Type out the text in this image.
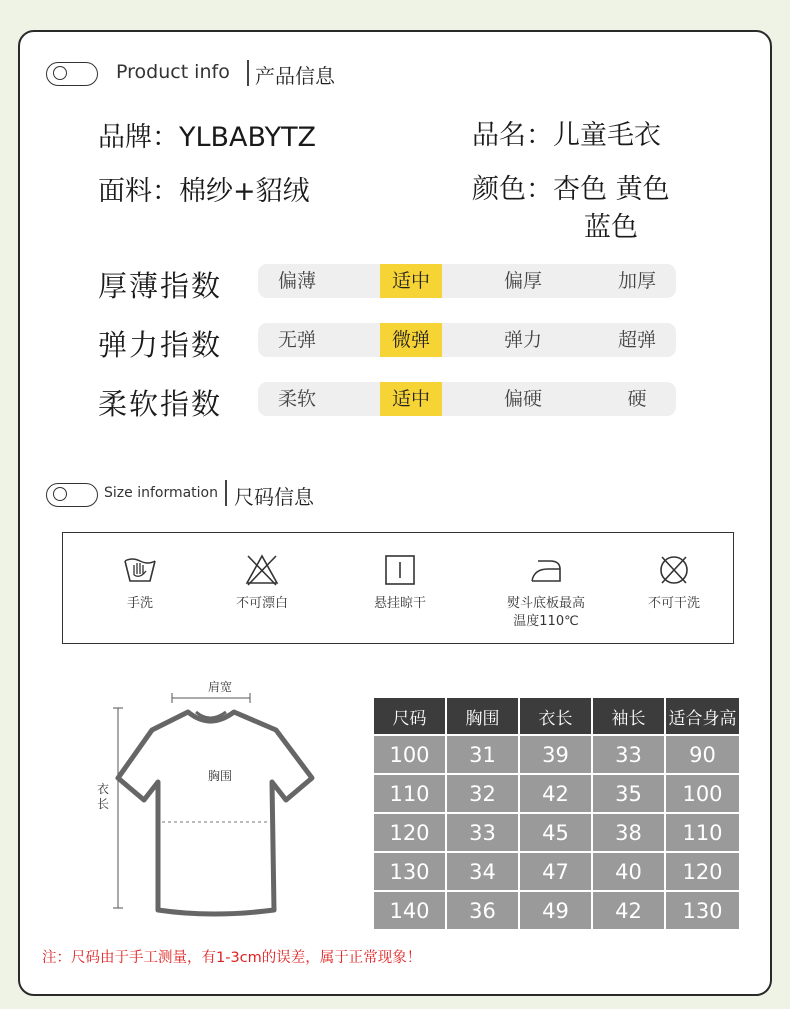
Product info 产品信息
品牌：YLBABYTZ	品名：儿童毛衣
面料：棉纱+貂绒	颜色：杏色 黄色
蓝色
厚薄指数	偏薄	适中	偏厚	加厚
弹力指数	无弹	微弹	弹力	超弹
柔软指数	柔软	适中	偏硬	硬
Size information 尺码信息
手洗	不可漂白	悬挂晾干	熨斗底板最高
温度110℃
不可干洗
肩宽
胸围
衣长
尺码	胸围	衣长	袖长	适合身高
100	31	39	33	90
110	32	42	35	100
120	33	45	38	110
130	34	47	40	120
140	36	49	42	130
注：尺码由于手工测量，有1-3cm的误差，属于正常现象！
